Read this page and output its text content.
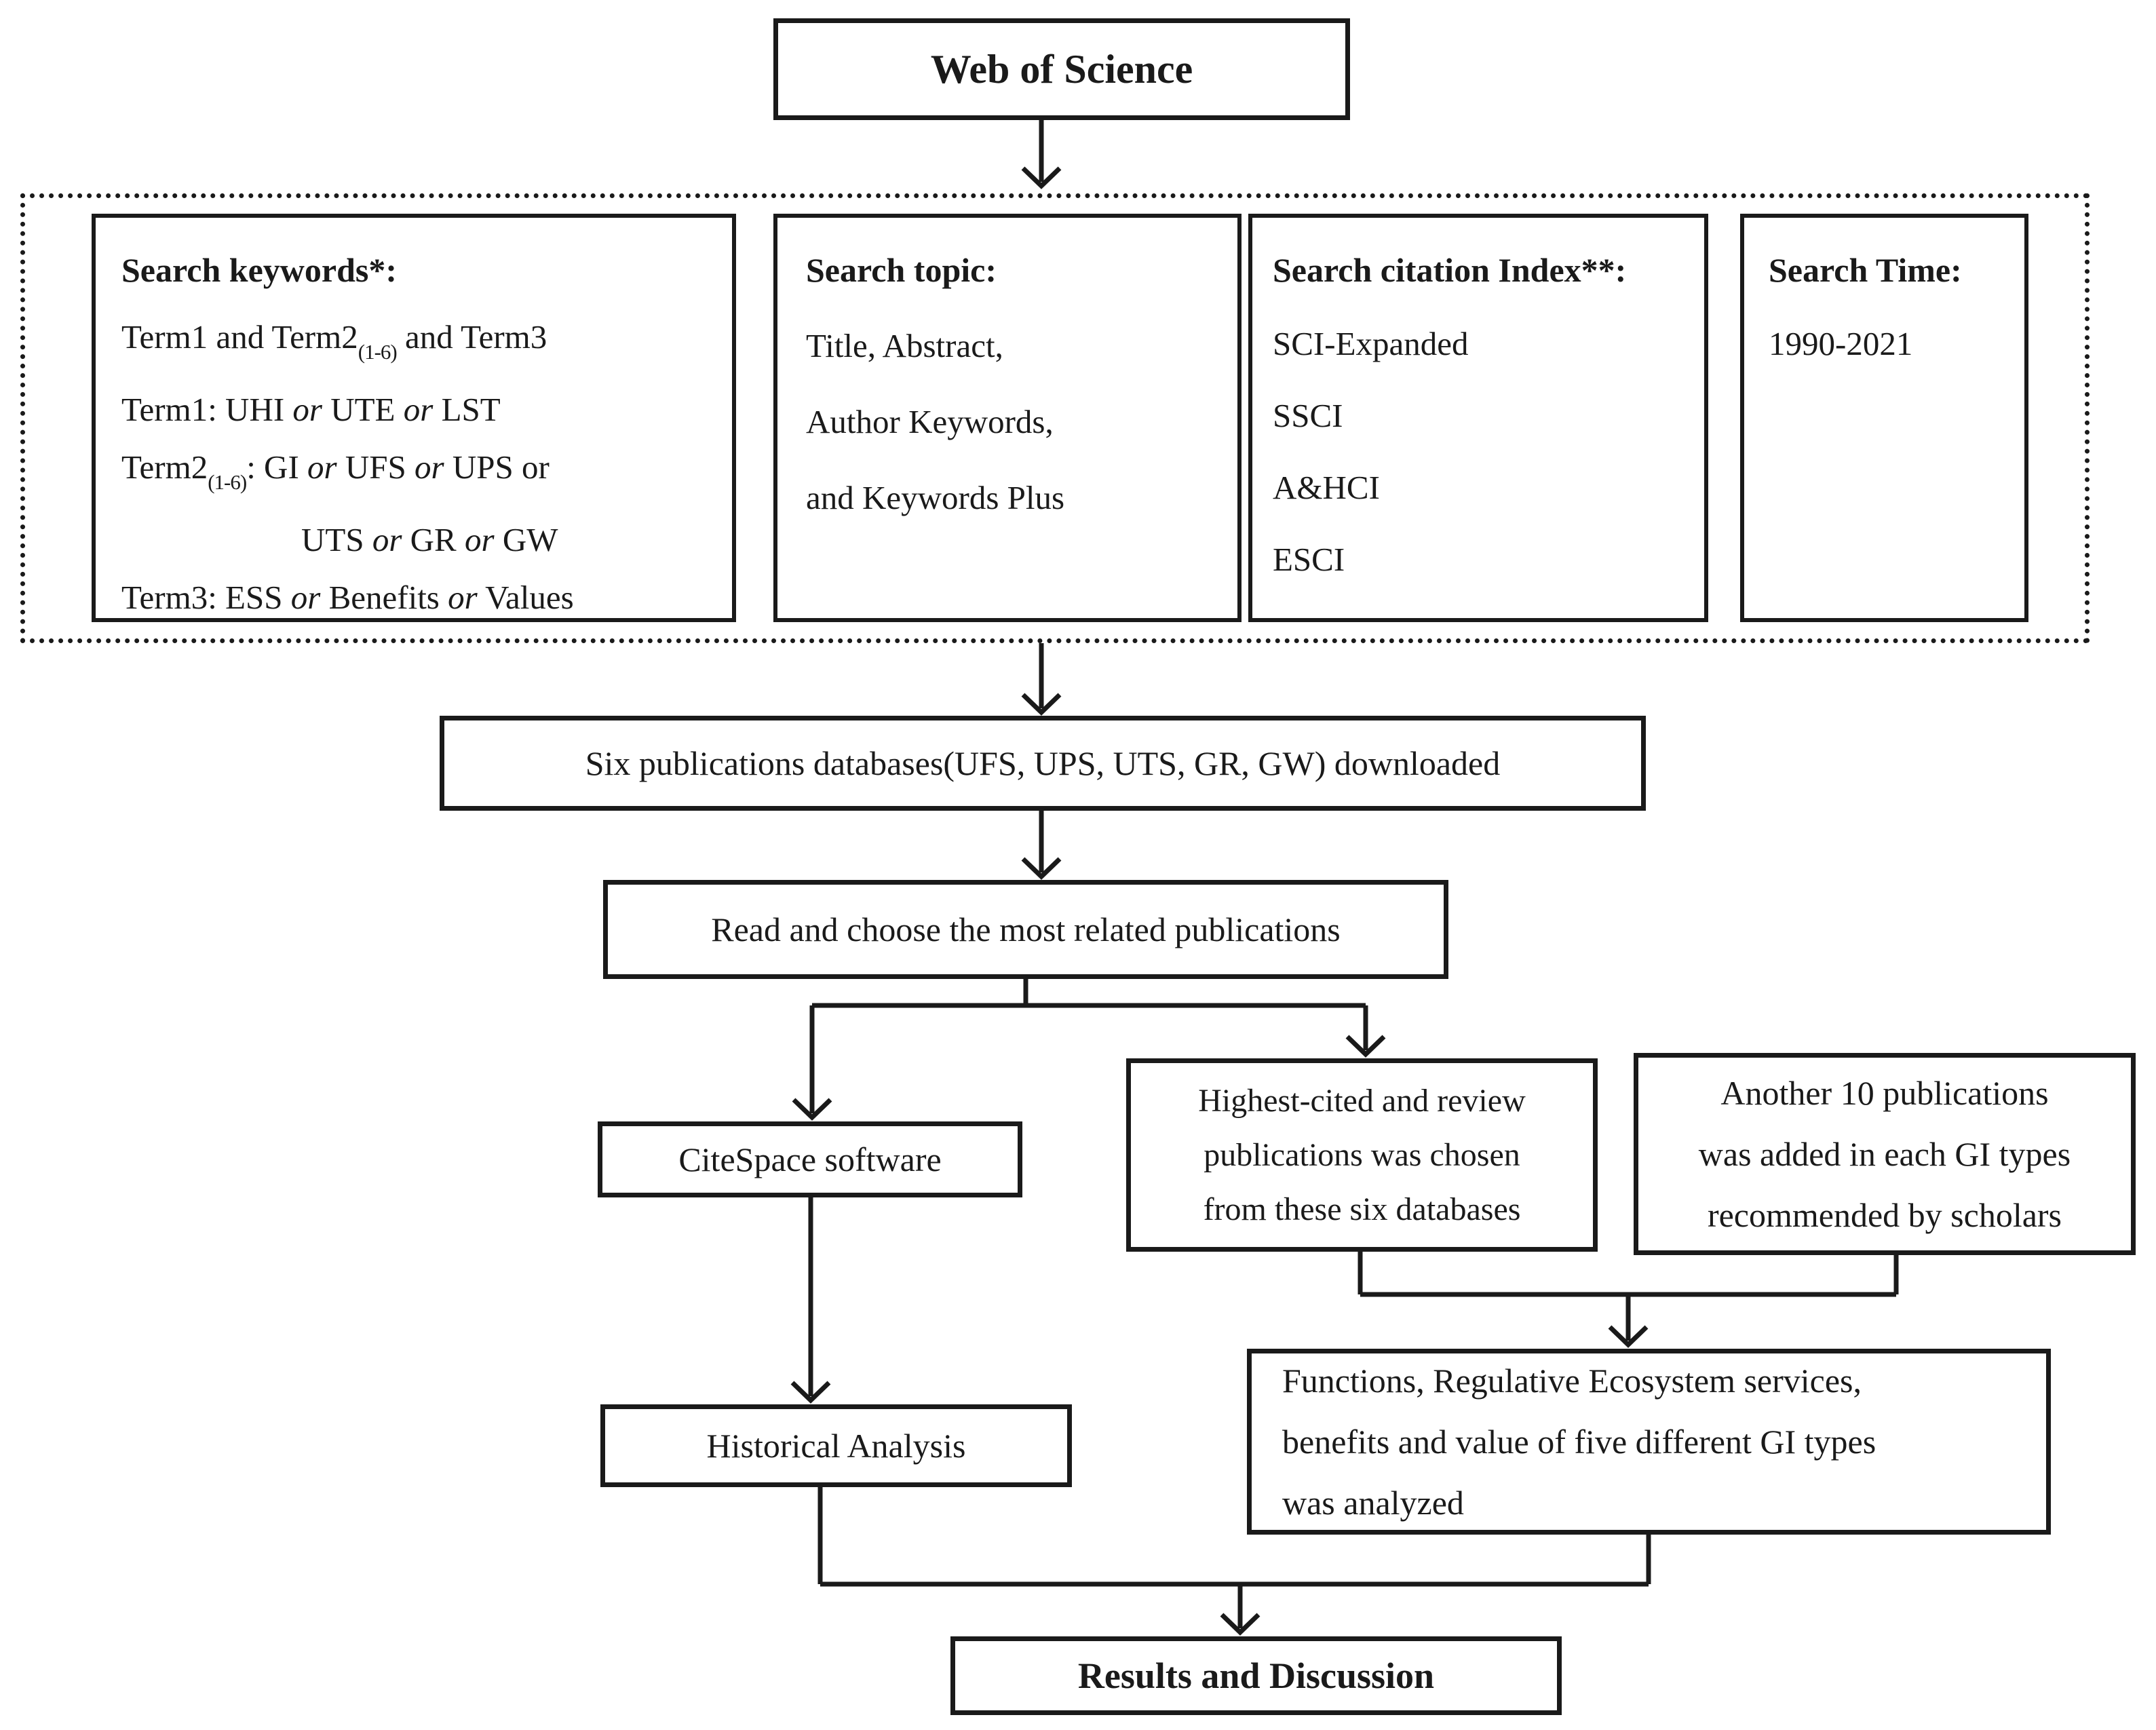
Web of Science
Search keywords*:
Term1 and $Term2_{(1-6)}$ and Term3
Term1: UHI or UTE or LST
$Term2_{(1-6)}$: GI or UFS or UPS or
UTS or GR or GW
Term3: ESS or Benefits or Values
Search topic:
Title, Abstract,
Author Keywords,
and Keywords Plus
Search citation Index**:
SCI-Expanded
SSCI
A&HCI
ESCI
Search Time:
1990-2021
Six publications databases(UFS, UPS, UTS, GR, GW) downloaded
Read and choose the most related publications
CiteSpace software
Highest-cited and review
publications was chosen
from these six databases
Another 10 publications
was added in each GI types
recommended by scholars
Functions, Regulative Ecosystem services,
benefits and value of five different GI types
was analyzed
Historical Analysis
Results and Discussion
